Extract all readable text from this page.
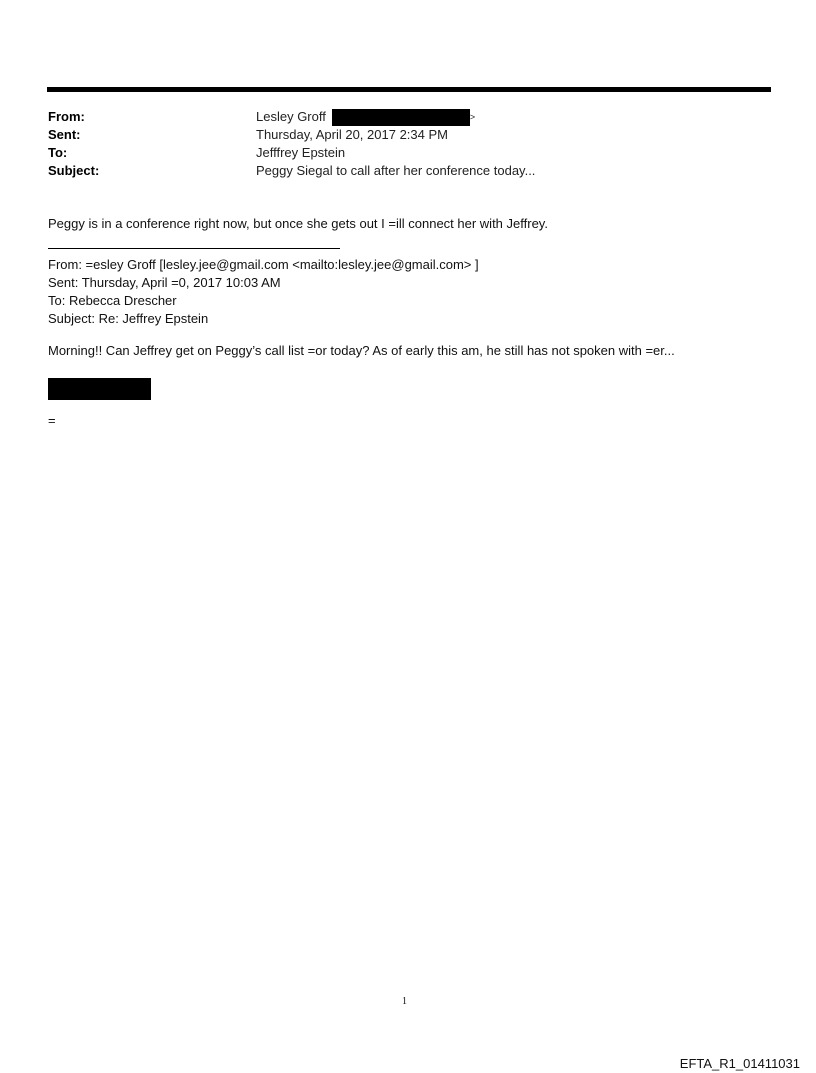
From:	Lesley Groff	>
Sent:	Thursday, April 20, 2017 2:34 PM
To:	Jefffrey Epstein
Subject:	Peggy Siegal to call after her conference today...
Peggy is in a conference right now, but once she gets out I =ill connect her with Jeffrey.
From: =esley Groff [lesley.jee@gmail.com <mailto:lesley.jee@gmail.com> ]
Sent: Thursday, April =0, 2017 10:03 AM
To: Rebecca Drescher
Subject: Re: Jeffrey Epstein
Morning!! Can Jeffrey get on Peggy’s call list =or today? As of early this am, he still has not spoken with =er...
=
1
EFTA_R1_01411031
